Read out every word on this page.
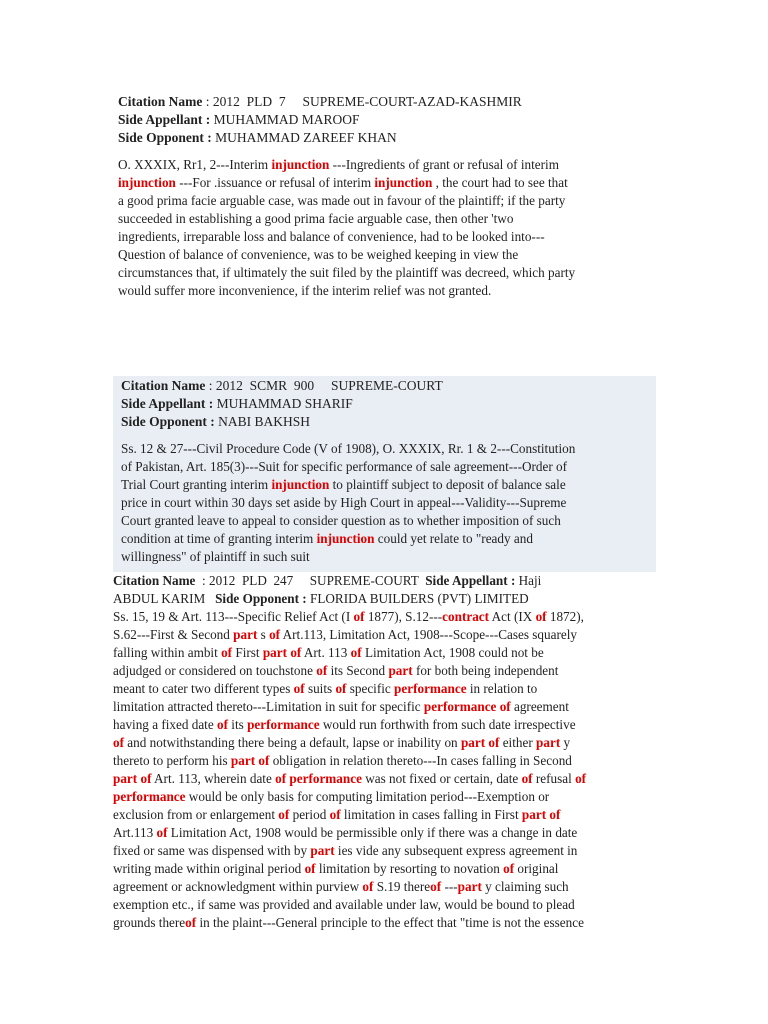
Citation Name : 2012  PLD  7     SUPREME-COURT-AZAD-KASHMIR
Side Appellant : MUHAMMAD MAROOF
Side Opponent : MUHAMMAD ZAREEF KHAN
O. XXXIX, Rr1, 2---Interim injunction ---Ingredients of grant or refusal of interim
injunction ---For .issuance or refusal of interim injunction , the court had to see that
a good prima facie arguable case, was made out in favour of the plaintiff; if the party
succeeded in establishing a good prima facie arguable case, then other 'two
ingredients, irreparable loss and balance of convenience, had to be looked into---
Question of balance of convenience, was to be weighed keeping in view the
circumstances that, if ultimately the suit filed by the plaintiff was decreed, which party
would suffer more inconvenience, if the interim relief was not granted.
Citation Name : 2012  SCMR  900     SUPREME-COURT
Side Appellant : MUHAMMAD SHARIF
Side Opponent : NABI BAKHSH
Ss. 12 & 27---Civil Procedure Code (V of 1908), O. XXXIX, Rr. 1 & 2---Constitution
of Pakistan, Art. 185(3)---Suit for specific performance of sale agreement---Order of
Trial Court granting interim injunction to plaintiff subject to deposit of balance sale
price in court within 30 days set aside by High Court in appeal---Validity---Supreme
Court granted leave to appeal to consider question as to whether imposition of such
condition at time of granting interim injunction could yet relate to "ready and
willingness" of plaintiff in such suit
Citation Name  : 2012  PLD  247     SUPREME-COURT  Side Appellant : Haji
ABDUL KARIM   Side Opponent : FLORIDA BUILDERS (PVT) LIMITED
Ss. 15, 19 & Art. 113---Specific Relief Act (I of 1877), S.12---contract Act (IX of 1872),
S.62---First & Second part s of Art.113, Limitation Act, 1908---Scope---Cases squarely
falling within ambit of First part of Art. 113 of Limitation Act, 1908 could not be
adjudged or considered on touchstone of its Second part for both being independent
meant to cater two different types of suits of specific performance in relation to
limitation attracted thereto---Limitation in suit for specific performance of agreement
having a fixed date of its performance would run forthwith from such date irrespective
of and notwithstanding there being a default, lapse or inability on part of either part y
thereto to perform his part of obligation in relation thereto---In cases falling in Second
part of Art. 113, wherein date of performance was not fixed or certain, date of refusal of
performance would be only basis for computing limitation period---Exemption or
exclusion from or enlargement of period of limitation in cases falling in First part of
Art.113 of Limitation Act, 1908 would be permissible only if there was a change in date
fixed or same was dispensed with by part ies vide any subsequent express agreement in
writing made within original period of limitation by resorting to novation of original
agreement or acknowledgment within purview of S.19 thereof ---part y claiming such
exemption etc., if same was provided and available under law, would be bound to plead
grounds thereof in the plaint---General principle to the effect that "time is not the essence
